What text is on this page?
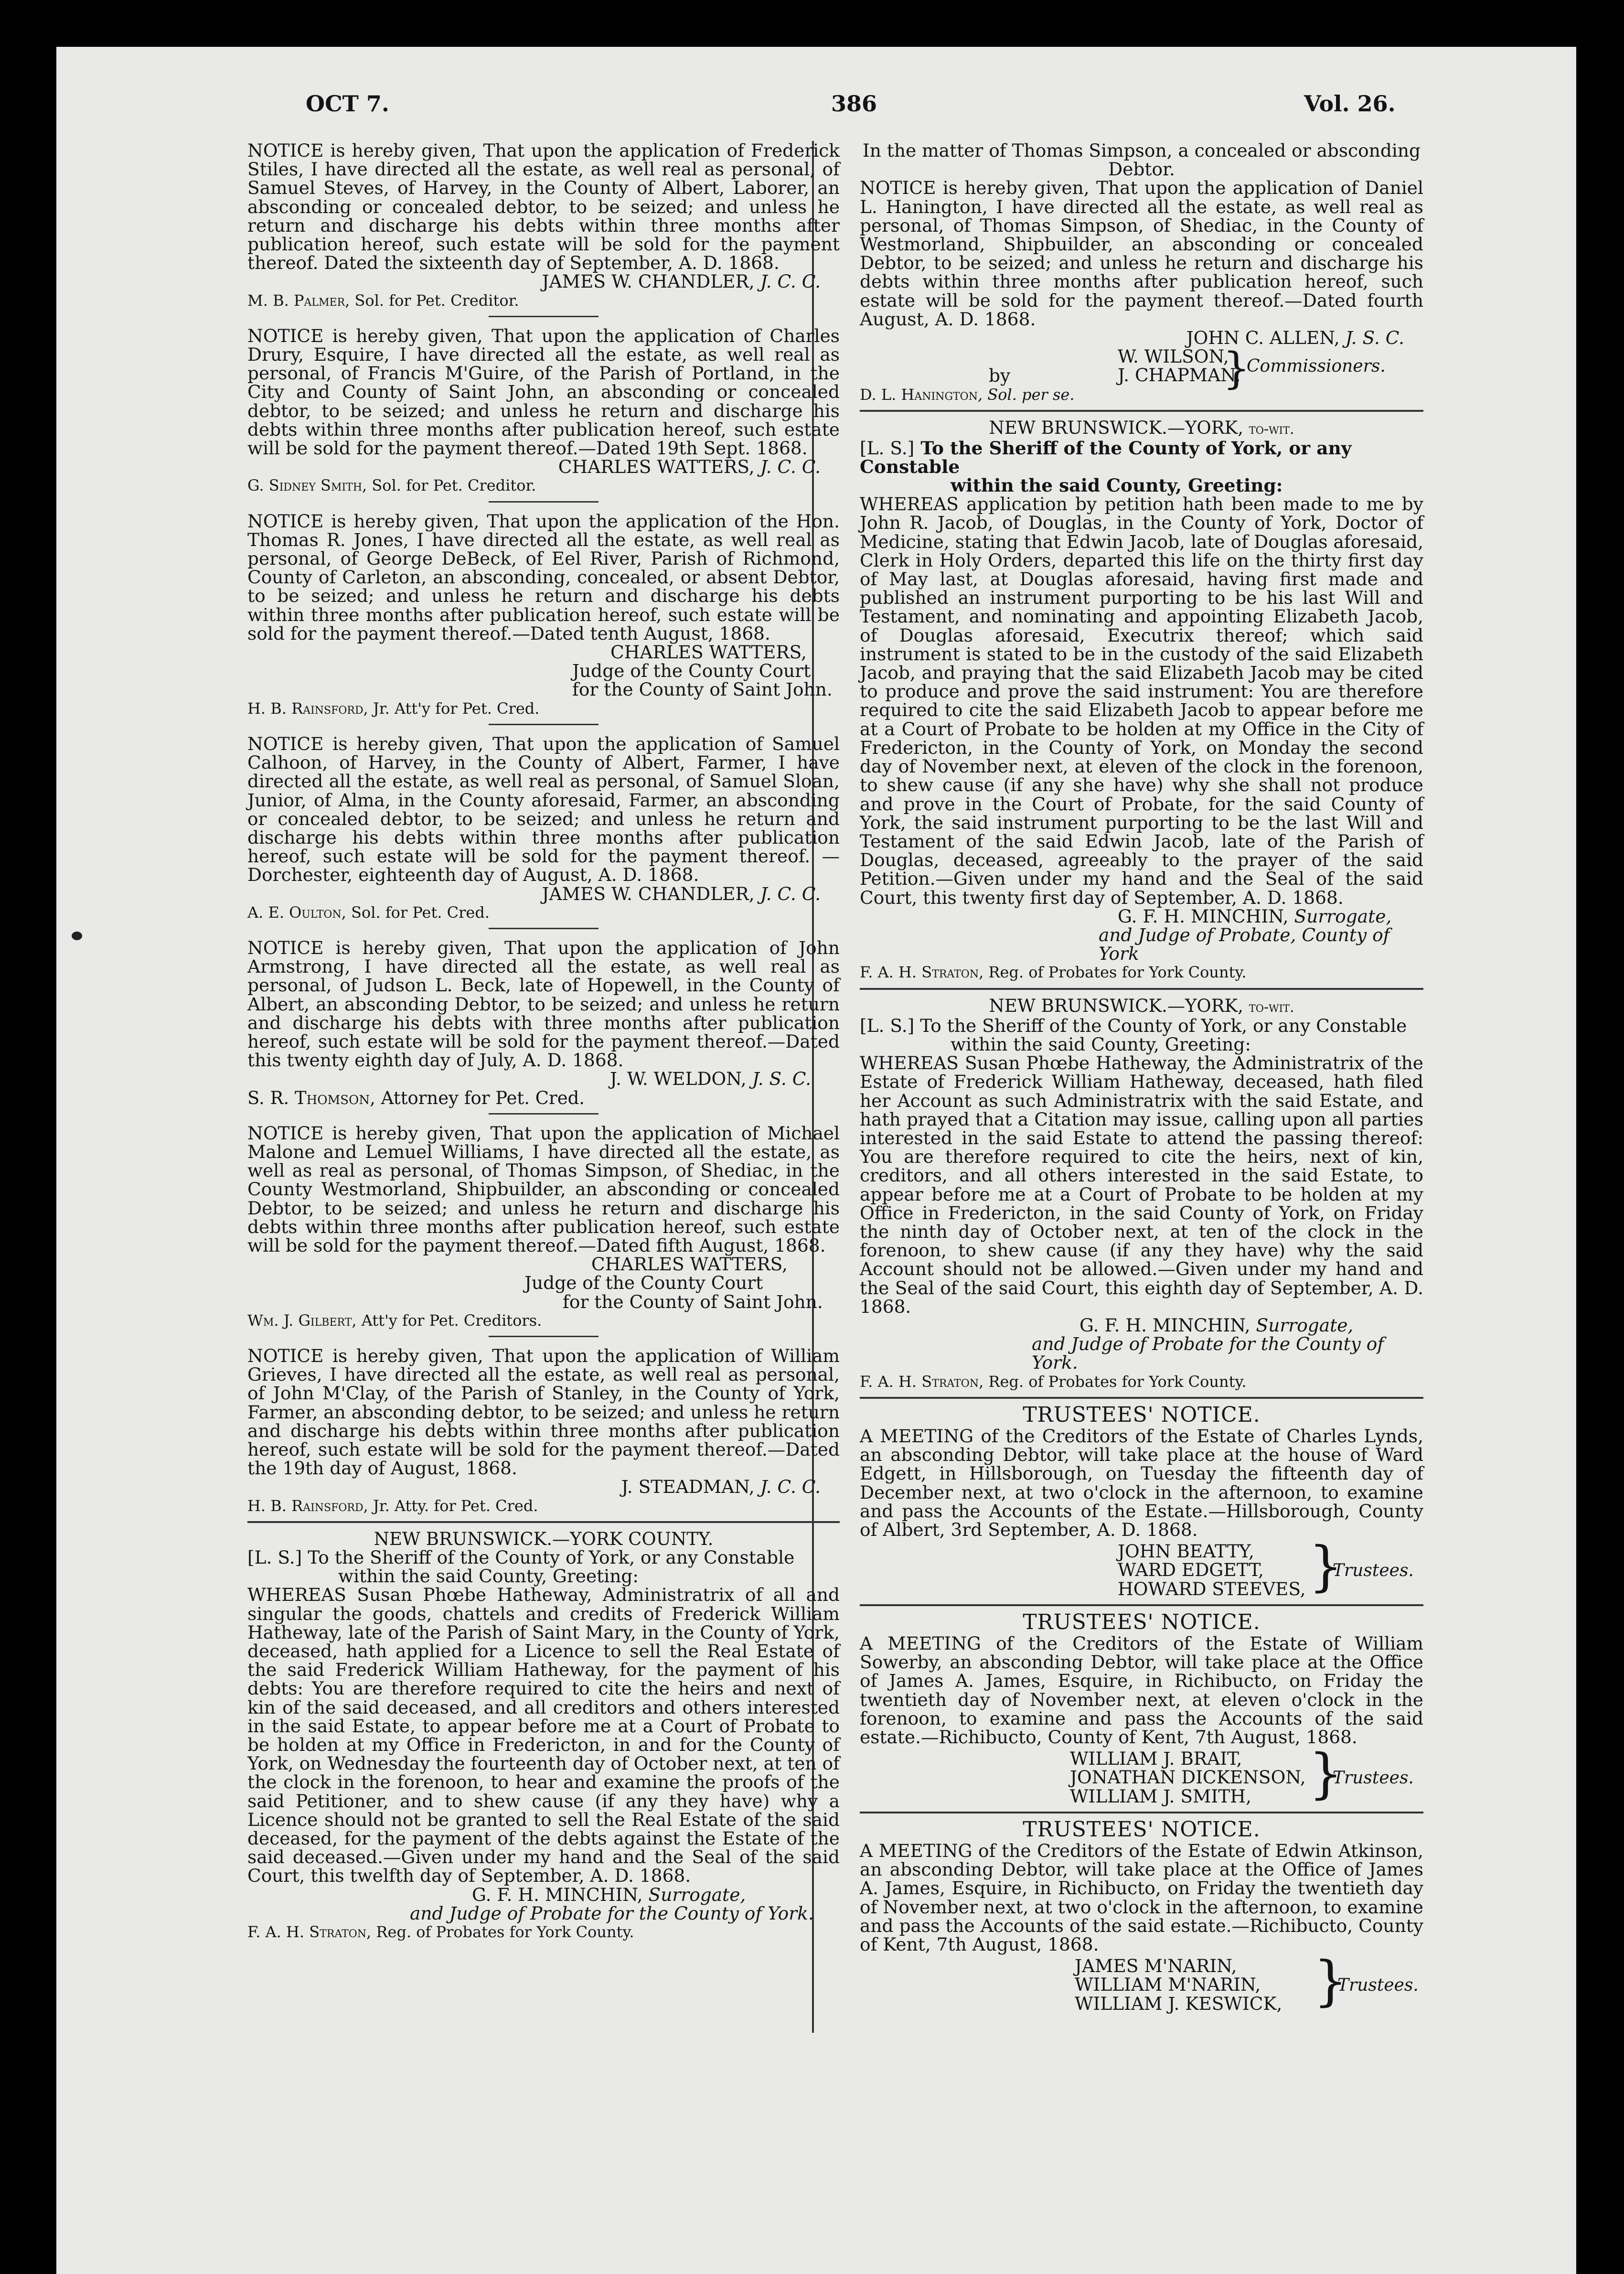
OCT 7.	386	Vol. 26.

NOTICE is hereby given, That upon the application of Frederick Stiles, I have directed all the estate, as well real as personal, of Samuel Steves, of Harvey, in the County of Albert, Laborer, an absconding or concealed debtor, to be seized; and unless he return and discharge his debts within three months after publication hereof, such estate will be sold for the payment thereof. Dated the sixteenth day of September, A. D. 1868.

JAMES W. CHANDLER, J. C. C.

M. B. Palmer, Sol. for Pet. Creditor.

NOTICE is hereby given, That upon the application of Charles Drury, Esquire, I have directed all the estate, as well real as personal, of Francis M'Guire, of the Parish of Portland, in the City and County of Saint John, an absconding or concealed debtor, to be seized; and unless he return and discharge his debts within three months after publication hereof, such estate will be sold for the payment thereof.—Dated 19th Sept. 1868.

CHARLES WATTERS, J. C. C.

G. Sidney Smith, Sol. for Pet. Creditor.

NOTICE is hereby given, That upon the application of the Hon. Thomas R. Jones, I have directed all the estate, as well real as personal, of George DeBeck, of Eel River, Parish of Richmond, County of Carleton, an absconding, concealed, or absent Debtor, to be seized; and unless he return and discharge his debts within three months after publication hereof, such estate will be sold for the payment thereof.—Dated tenth August, 1868.

CHARLES WATTERS,

Judge of the County Court

for the County of Saint John.

H. B. Rainsford, Jr. Att'y for Pet. Cred.

NOTICE is hereby given, That upon the application of Samuel Calhoon, of Harvey, in the County of Albert, Farmer, I have directed all the estate, as well real as personal, of Samuel Sloan, Junior, of Alma, in the County aforesaid, Farmer, an absconding or concealed debtor, to be seized; and unless he return and discharge his debts within three months after publication hereof, such estate will be sold for the payment thereof. —Dorchester, eighteenth day of August, A. D. 1868.

JAMES W. CHANDLER, J. C. C.

A. E. Oulton, Sol. for Pet. Cred.

NOTICE is hereby given, That upon the application of John Armstrong, I have directed all the estate, as well real as personal, of Judson L. Beck, late of Hopewell, in the County of Albert, an absconding Debtor, to be seized; and unless he return and discharge his debts with three months after publication hereof, such estate will be sold for the payment thereof.—Dated this twenty eighth day of July, A. D. 1868.

J. W. WELDON, J. S. C.

S. R. Thomson, Attorney for Pet. Cred.

NOTICE is hereby given, That upon the application of Michael Malone and Lemuel Williams, I have directed all the estate, as well as real as personal, of Thomas Simpson, of Shediac, in the County Westmorland, Shipbuilder, an absconding or concealed Debtor, to be seized; and unless he return and discharge his debts within three months after publication hereof, such estate will be sold for the payment thereof.—Dated fifth August, 1868.

CHARLES WATTERS,

Judge of the County Court

for the County of Saint John.

Wm. J. Gilbert, Att'y for Pet. Creditors.

NOTICE is hereby given, That upon the application of William Grieves, I have directed all the estate, as well real as personal, of John M'Clay, of the Parish of Stanley, in the County of York, Farmer, an absconding debtor, to be seized; and unless he return and discharge his debts within three months after publication hereof, such estate will be sold for the payment thereof.—Dated the 19th day of August, 1868.

J. STEADMAN, J. C. C.

H. B. Rainsford, Jr. Atty. for Pet. Cred.

NEW BRUNSWICK.—YORK COUNTY.

[L. S.] To the Sheriff of the County of York, or any Constable

within the said County, Greeting:

WHEREAS Susan Phœbe Hatheway, Administratrix of all and singular the goods, chattels and credits of Frederick William Hatheway, late of the Parish of Saint Mary, in the County of York, deceased, hath applied for a Licence to sell the Real Estate of the said Frederick William Hatheway, for the payment of his debts: You are therefore required to cite the heirs and next of kin of the said deceased, and all creditors and others interested in the said Estate, to appear before me at a Court of Probate to be holden at my Office in Fredericton, in and for the County of York, on Wednesday the fourteenth day of October next, at ten of the clock in the forenoon, to hear and examine the proofs of the said Petitioner, and to shew cause (if any they have) why a Licence should not be granted to sell the Real Estate of the said deceased, for the payment of the debts against the Estate of the said deceased.—Given under my hand and the Seal of the said Court, this twelfth day of September, A. D. 1868.

G. F. H. MINCHIN, Surrogate,

and Judge of Probate for the County of York.

F. A. H. Straton, Reg. of Probates for York County.

In the matter of Thomas Simpson, a concealed or absconding Debtor.

NOTICE is hereby given, That upon the application of Daniel L. Hanington, I have directed all the estate, as well real as personal, of Thomas Simpson, of Shediac, in the County of Westmorland, Shipbuilder, an absconding or concealed Debtor, to be seized; and unless he return and discharge his debts within three months after publication hereof, such estate will be sold for the payment thereof.—Dated fourth August, A. D. 1868.

JOHN C. ALLEN, J. S. C.

by

W. WILSON,

J. CHAPMAN,

}
Commissioners.

D. L. Hanington, Sol. per se.

NEW BRUNSWICK.—YORK, to-wit.

[L. S.] To the Sheriff of the County of York, or any Constable

within the said County, Greeting:

WHEREAS application by petition hath been made to me by John R. Jacob, of Douglas, in the County of York, Doctor of Medicine, stating that Edwin Jacob, late of Douglas aforesaid, Clerk in Holy Orders, departed this life on the thirty first day of May last, at Douglas aforesaid, having first made and published an instrument purporting to be his last Will and Testament, and nominating and appointing Elizabeth Jacob, of Douglas aforesaid, Executrix thereof; which said instrument is stated to be in the custody of the said Elizabeth Jacob, and praying that the said Elizabeth Jacob may be cited to produce and prove the said instrument: You are therefore required to cite the said Elizabeth Jacob to appear before me at a Court of Probate to be holden at my Office in the City of Fredericton, in the County of York, on Monday the second day of November next, at eleven of the clock in the forenoon, to shew cause (if any she have) why she shall not produce and prove in the Court of Probate, for the said County of York, the said instrument purporting to be the last Will and Testament of the said Edwin Jacob, late of the Parish of Douglas, deceased, agreeably to the prayer of the said Petition.—Given under my hand and the Seal of the said Court, this twenty first day of September, A. D. 1868.

G. F. H. MINCHIN, Surrogate,

and Judge of Probate, County of York

F. A. H. Straton, Reg. of Probates for York County.

NEW BRUNSWICK.—YORK, to-wit.

[L. S.] To the Sheriff of the County of York, or any Constable

within the said County, Greeting:

WHEREAS Susan Phœbe Hatheway, the Administratrix of the Estate of Frederick William Hatheway, deceased, hath filed her Account as such Administratrix with the said Estate, and hath prayed that a Citation may issue, calling upon all parties interested in the said Estate to attend the passing thereof: You are therefore required to cite the heirs, next of kin, creditors, and all others interested in the said Estate, to appear before me at a Court of Probate to be holden at my Office in Fredericton, in the said County of York, on Friday the ninth day of October next, at ten of the clock in the forenoon, to shew cause (if any they have) why the said Account should not be allowed.—Given under my hand and the Seal of the said Court, this eighth day of September, A. D. 1868.

G. F. H. MINCHIN, Surrogate,

and Judge of Probate for the County of York.

F. A. H. Straton, Reg. of Probates for York County.

TRUSTEES' NOTICE.

A MEETING of the Creditors of the Estate of Charles Lynds, an absconding Debtor, will take place at the house of Ward Edgett, in Hillsborough, on Tuesday the fifteenth day of December next, at two o'clock in the afternoon, to examine and pass the Accounts of the Estate.—Hillsborough, County of Albert, 3rd September, A. D. 1868.

JOHN BEATTY,

WARD EDGETT,

HOWARD STEEVES, }
Trustees.

TRUSTEES' NOTICE.

A MEETING of the Creditors of the Estate of William Sowerby, an absconding Debtor, will take place at the Office of James A. James, Esquire, in Richibucto, on Friday the twentieth day of November next, at eleven o'clock in the forenoon, to examine and pass the Accounts of the said estate.—Richibucto, County of Kent, 7th August, 1868.

WILLIAM J. BRAIT,

JONATHAN DICKENSON,

WILLIAM J. SMITH,	}
Trustees.

TRUSTEES' NOTICE.

A MEETING of the Creditors of the Estate of Edwin Atkinson, an absconding Debtor, will take place at the Office of James A. James, Esquire, in Richibucto, on Friday the twentieth day of November next, at two o'clock in the afternoon, to examine and pass the Accounts of the said estate.—Richibucto, County of Kent, 7th August, 1868.

JAMES M'NARIN,

WILLIAM M'NARIN,

WILLIAM J. KESWICK, }
Trustees.
